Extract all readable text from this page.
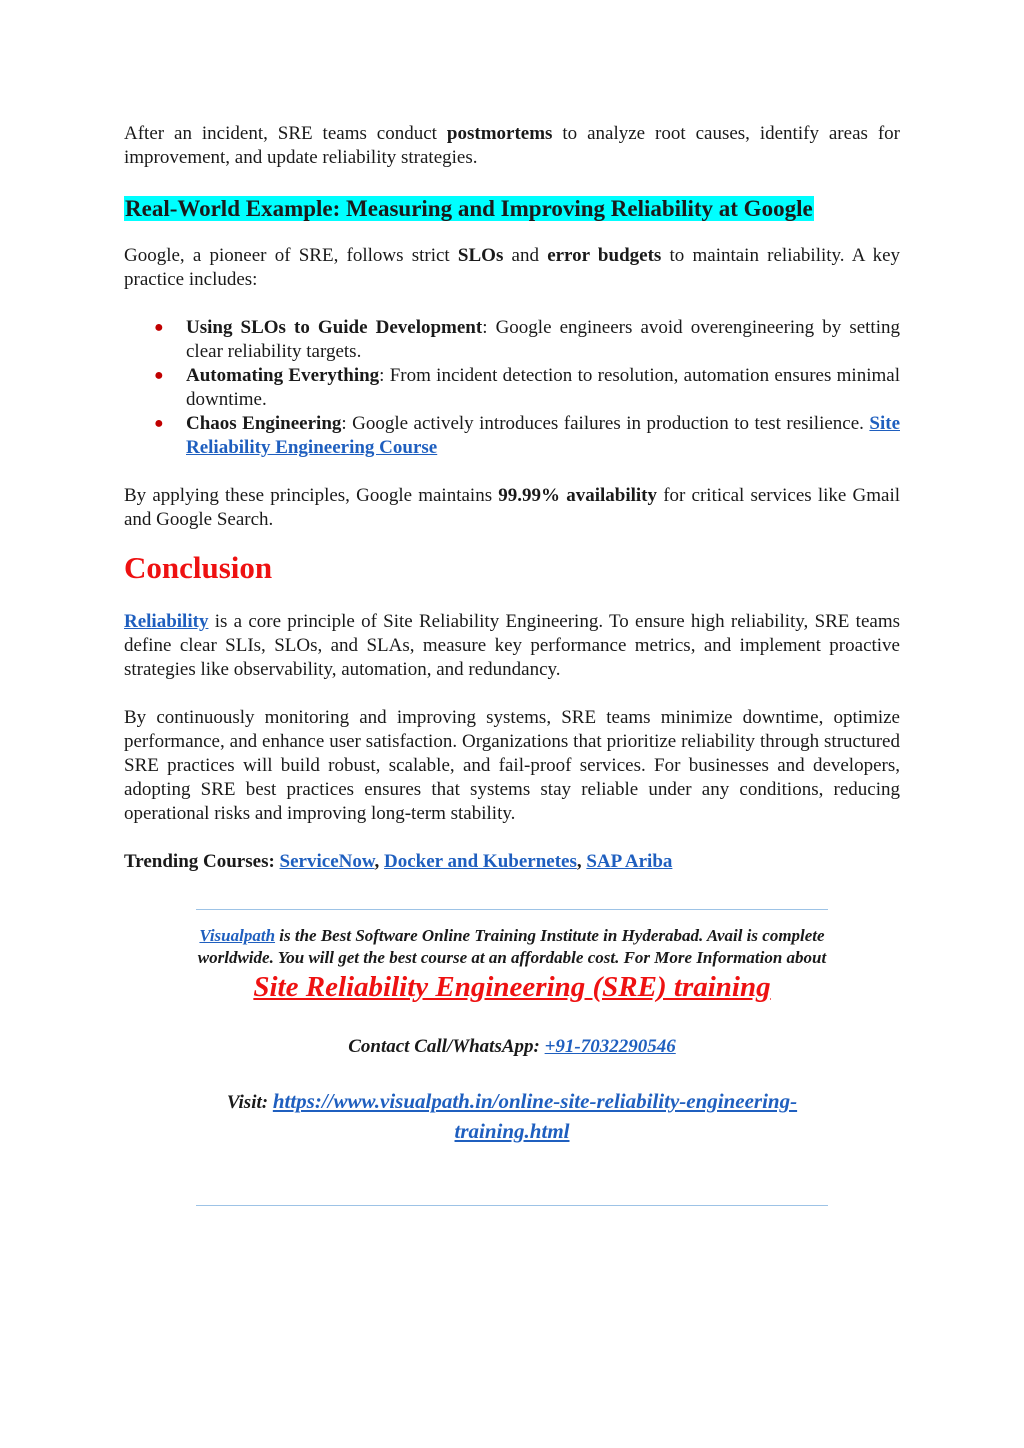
After an incident, SRE teams conduct postmortems to analyze root causes, identify areas for improvement, and update reliability strategies.

Real-World Example: Measuring and Improving Reliability at Google

Google, a pioneer of SRE, follows strict SLOs and error budgets to maintain reliability. A key practice includes:

● Using SLOs to Guide Development: Google engineers avoid overengineering by setting clear reliability targets.
● Automating Everything: From incident detection to resolution, automation ensures minimal downtime.
● Chaos Engineering: Google actively introduces failures in production to test resilience. Site Reliability Engineering Course

By applying these principles, Google maintains 99.99% availability for critical services like Gmail and Google Search.

Conclusion

Reliability is a core principle of Site Reliability Engineering. To ensure high reliability, SRE teams define clear SLIs, SLOs, and SLAs, measure key performance metrics, and implement proactive strategies like observability, automation, and redundancy.

By continuously monitoring and improving systems, SRE teams minimize downtime, optimize performance, and enhance user satisfaction. Organizations that prioritize reliability through structured SRE practices will build robust, scalable, and fail-proof services. For businesses and developers, adopting SRE best practices ensures that systems stay reliable under any conditions, reducing operational risks and improving long-term stability.

Trending Courses: ServiceNow, Docker and Kubernetes, SAP Ariba

Visualpath is the Best Software Online Training Institute in Hyderabad. Avail is complete worldwide. You will get the best course at an affordable cost. For More Information about Site Reliability Engineering (SRE) training
Contact Call/WhatsApp: +91-7032290546
Visit: https://www.visualpath.in/online-site-reliability-engineering-training.html
